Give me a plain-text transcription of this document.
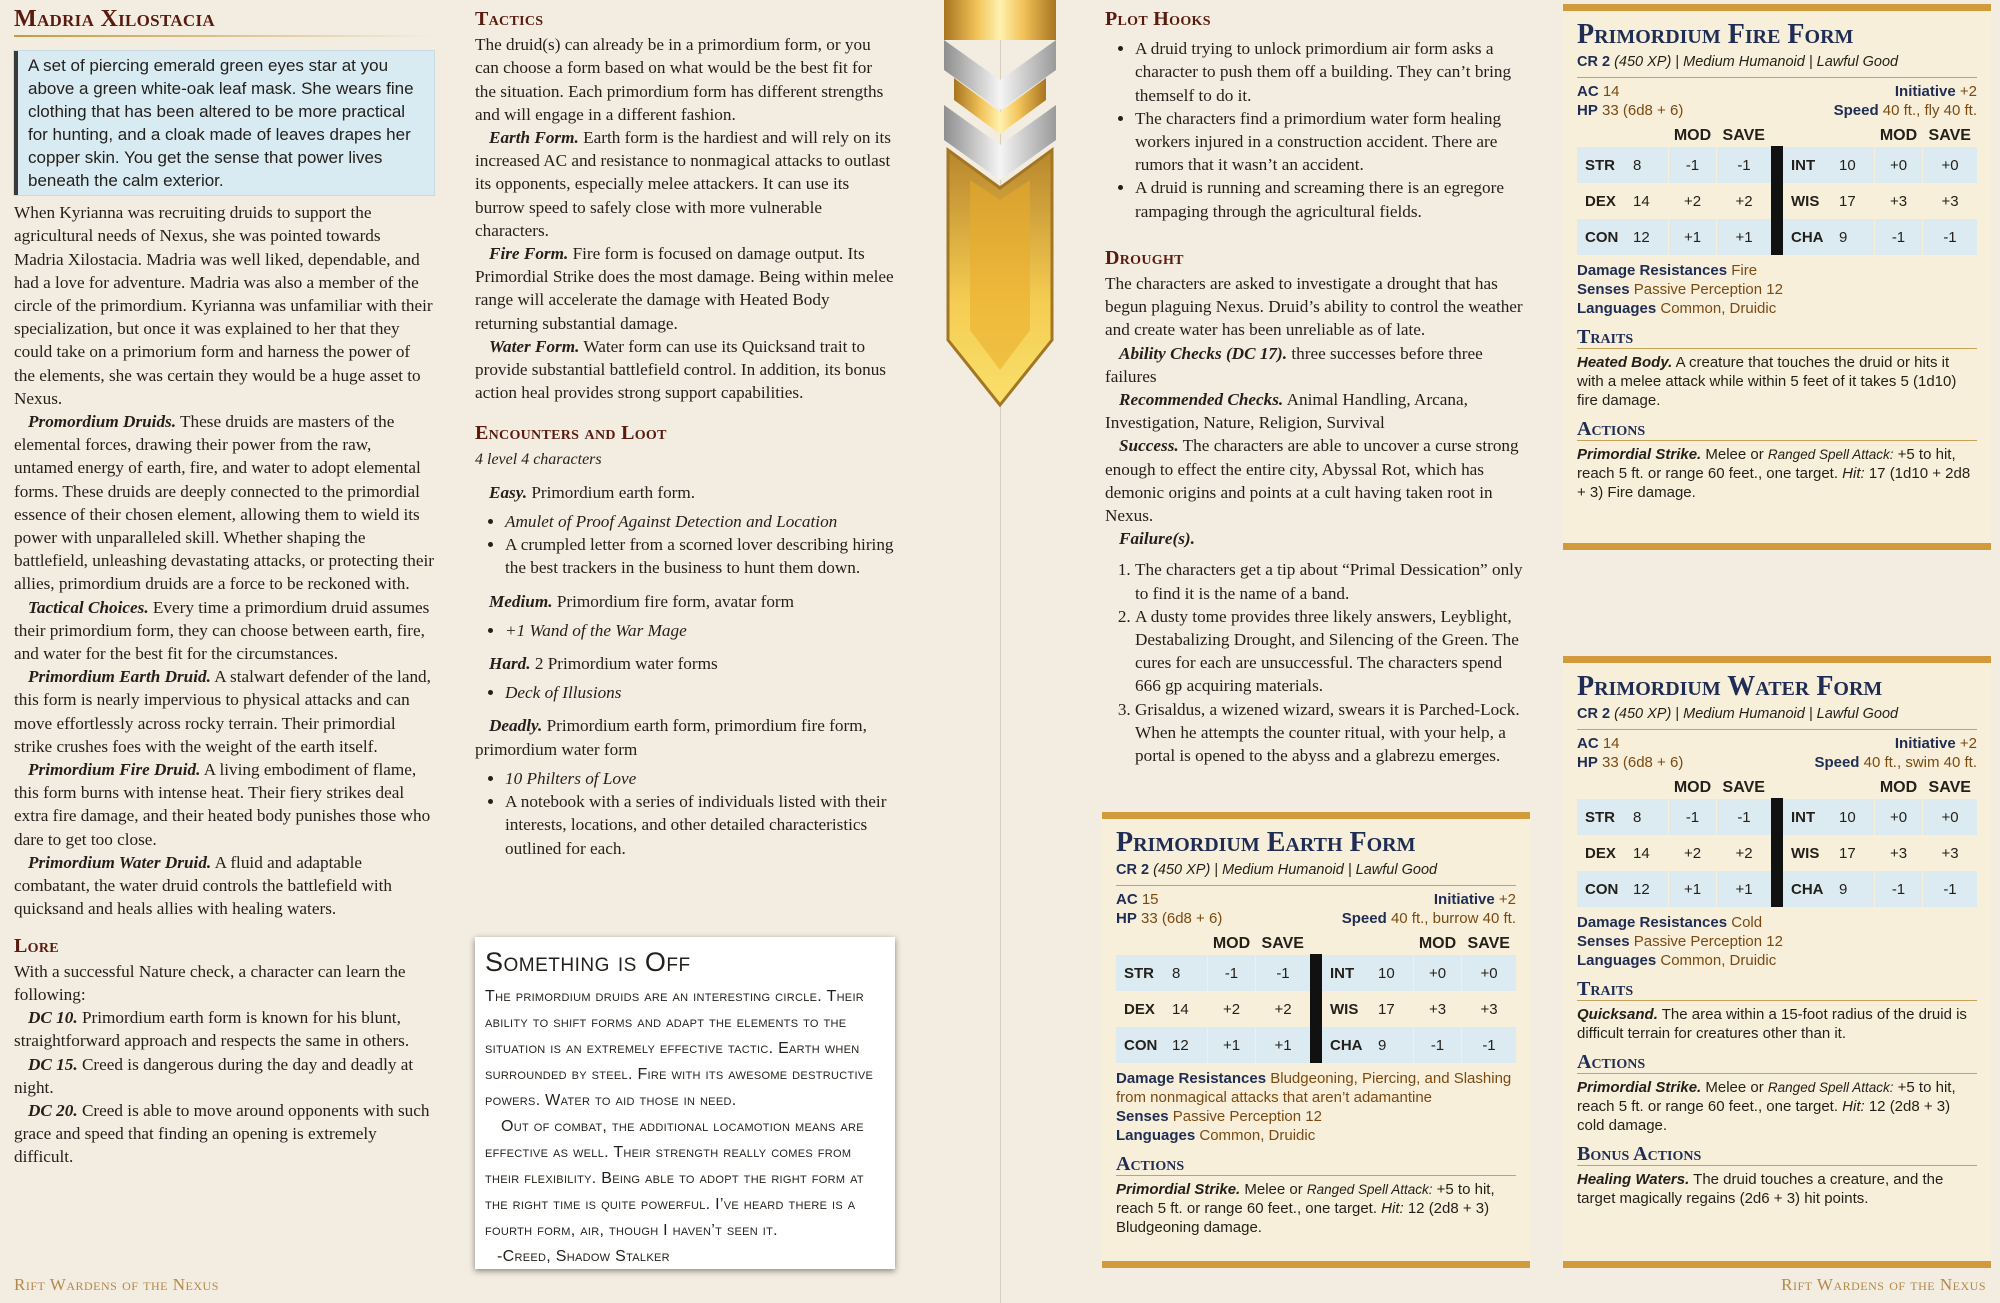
Madria Xilostacia
A set of piercing emerald green eyes star at you above a green white-oak leaf mask. She wears fine clothing that has been altered to be more practical for hunting, and a cloak made of leaves drapes her copper skin. You get the sense that power lives beneath the calm exterior.

When Kyrianna was recruiting druids to support the agricultural needs of Nexus, she was pointed towards Madria Xilostacia. Madria was well liked, dependable, and had a love for adventure. Madria was also a member of the circle of the primordium. Kyrianna was unfamiliar with their specialization, but once it was explained to her that they could take on a primorium form and harness the power of the elements, she was certain they would be a huge asset to Nexus.

Promordium Druids. These druids are masters of the elemental forces, drawing their power from the raw, untamed energy of earth, fire, and water to adopt elemental forms. These druids are deeply connected to the primordial essence of their chosen element, allowing them to wield its power with unparalleled skill. Whether shaping the battlefield, unleashing devastating attacks, or protecting their allies, primordium druids are a force to be reckoned with.

Tactical Choices. Every time a primordium druid assumes their primordium form, they can choose between earth, fire, and water for the best fit for the circumstances.

Primordium Earth Druid. A stalwart defender of the land, this form is nearly impervious to physical attacks and can move effortlessly across rocky terrain. Their primordial strike crushes foes with the weight of the earth itself.

Primordium Fire Druid. A living embodiment of flame, this form burns with intense heat. Their fiery strikes deal extra fire damage, and their heated body punishes those who dare to get too close.

Primordium Water Druid. A fluid and adaptable combatant, the water druid controls the battlefield with quicksand and heals allies with healing waters.

Lore

With a successful Nature check, a character can learn the following:

DC 10. Primordium earth form is known for his blunt, straightforward approach and respects the same in others.

DC 15. Creed is dangerous during the day and deadly at night.

DC 20. Creed is able to move around opponents with such grace and speed that finding an opening is extremely difficult.

Rift Wardens of the Nexus
Tactics

The druid(s) can already be in a primordium form, or you can choose a form based on what would be the best fit for the situation. Each primordium form has different strengths and will engage in a different fashion.

Earth Form. Earth form is the hardiest and will rely on its increased AC and resistance to nonmagical attacks to outlast its opponents, especially melee attackers. It can use its burrow speed to safely close with more vulnerable characters.

Fire Form. Fire form is focused on damage output. Its Primordial Strike does the most damage. Being within melee range will accelerate the damage with Heated Body returning substantial damage.

Water Form. Water form can use its Quicksand trait to provide substantial battlefield control. In addition, its bonus action heal provides strong support capabilities.

Encounters and Loot

4 level 4 characters

Easy. Primordium earth form.

• Amulet of Proof Against Detection and Location
• A crumpled letter from a scorned lover describing hiring the best trackers in the business to hunt them down.

Medium. Primordium fire form, avatar form

• +1 Wand of the War Mage

Hard. 2 Primordium water forms

• Deck of Illusions

Deadly. Primordium earth form, primordium fire form, primordium water form

• 10 Philters of Love
• A notebook with a series of individuals listed with their interests, locations, and other detailed characteristics outlined for each.
Something is Off

The primordium druids are an interesting circle. Their ability to shift forms and adapt the elements to the situation is an extremely effective tactic. Earth when surrounded by steel. Fire with its awesome destructive powers. Water to aid those in need.

Out of combat, the additional locamotion means are effective as well. Their strength really comes from their flexibility. Being able to adopt the right form at the right time is quite powerful. I’ve heard there is a fourth form, air, though I haven’t seen it.

-Creed, Shadow Stalker

Plot Hooks
• A druid trying to unlock primordium air form asks a character to push them off a building. They can’t bring themself to do it.
• The characters find a primordium water form healing workers injured in a construction accident. There are rumors that it wasn’t an accident.
• A druid is running and screaming there is an egregore rampaging through the agricultural fields.
Drought

The characters are asked to investigate a drought that has begun plaguing Nexus. Druid’s ability to control the weather and create water has been unreliable as of late.

Ability Checks (DC 17). three successes before three failures

Recommended Checks. Animal Handling, Arcana, Investigation, Nature, Religion, Survival

Success. The characters are able to uncover a curse strong enough to effect the entire city, Abyssal Rot, which has demonic origins and points at a cult having taken root in Nexus.

Failure(s).

1. The characters get a tip about “Primal Dessication” only to find it is the name of a band.
2. A dusty tome provides three likely answers, Leyblight, Destabalizing Drought, and Silencing of the Green. The cures for each are unsuccessful. The characters spend 666 gp acquiring materials.
3. Grisaldus, a wizened wizard, swears it is Parched-Lock. When he attempts the counter ritual, with your help, a portal is opened to the abyss and a glabrezu emerges.
Rift Wardens of the Nexus
Primordium Earth Form
CR 2 (450 XP) | Medium Humanoid | Lawful Good
AC 15	Initiative +2
HP 33 (6d8 + 6)	Speed 40 ft., burrow 40 ft.
		MOD	SAVE
STR	8	-1	-1
DEX	14	+2	+2
CON	12	+1	+1
		MOD	SAVE
INT	10	+0	+0
WIS	17	+3	+3
CHA	9	-1	-1
Damage Resistances Bludgeoning, Piercing, and Slashing from nonmagical attacks that aren’t adamantine
Senses Passive Perception 12
Languages Common, Druidic
Actions

Primordial Strike. Melee or Ranged Spell Attack: +5 to hit, reach 5 ft. or range 60 feet., one target. Hit: 12 (2d8 + 3) Bludgeoning damage.

Primordium Fire Form
CR 2 (450 XP) | Medium Humanoid | Lawful Good
AC 14	Initiative +2
HP 33 (6d8 + 6)	Speed 40 ft., fly 40 ft.
		MOD	SAVE
STR	8	-1	-1
DEX	14	+2	+2
CON	12	+1	+1
		MOD	SAVE
INT	10	+0	+0
WIS	17	+3	+3
CHA	9	-1	-1
Damage Resistances Fire
Senses Passive Perception 12
Languages Common, Druidic
Traits

Heated Body. A creature that touches the druid or hits it with a melee attack while within 5 feet of it takes 5 (1d10) fire damage.

Actions

Primordial Strike. Melee or Ranged Spell Attack: +5 to hit, reach 5 ft. or range 60 feet., one target. Hit: 17 (1d10 + 2d8 + 3) Fire damage.

Primordium Water Form
CR 2 (450 XP) | Medium Humanoid | Lawful Good
AC 14	Initiative +2
HP 33 (6d8 + 6)	Speed 40 ft., swim 40 ft.
		MOD	SAVE
STR	8	-1	-1
DEX	14	+2	+2
CON	12	+1	+1
		MOD	SAVE
INT	10	+0	+0
WIS	17	+3	+3
CHA	9	-1	-1
Damage Resistances Cold
Senses Passive Perception 12
Languages Common, Druidic
Traits

Quicksand. The area within a 15-foot radius of the druid is difficult terrain for creatures other than it.

Actions

Primordial Strike. Melee or Ranged Spell Attack: +5 to hit, reach 5 ft. or range 60 feet., one target. Hit: 12 (2d8 + 3) cold damage.

Bonus Actions

Healing Waters. The druid touches a creature, and the target magically regains (2d6 + 3) hit points.
